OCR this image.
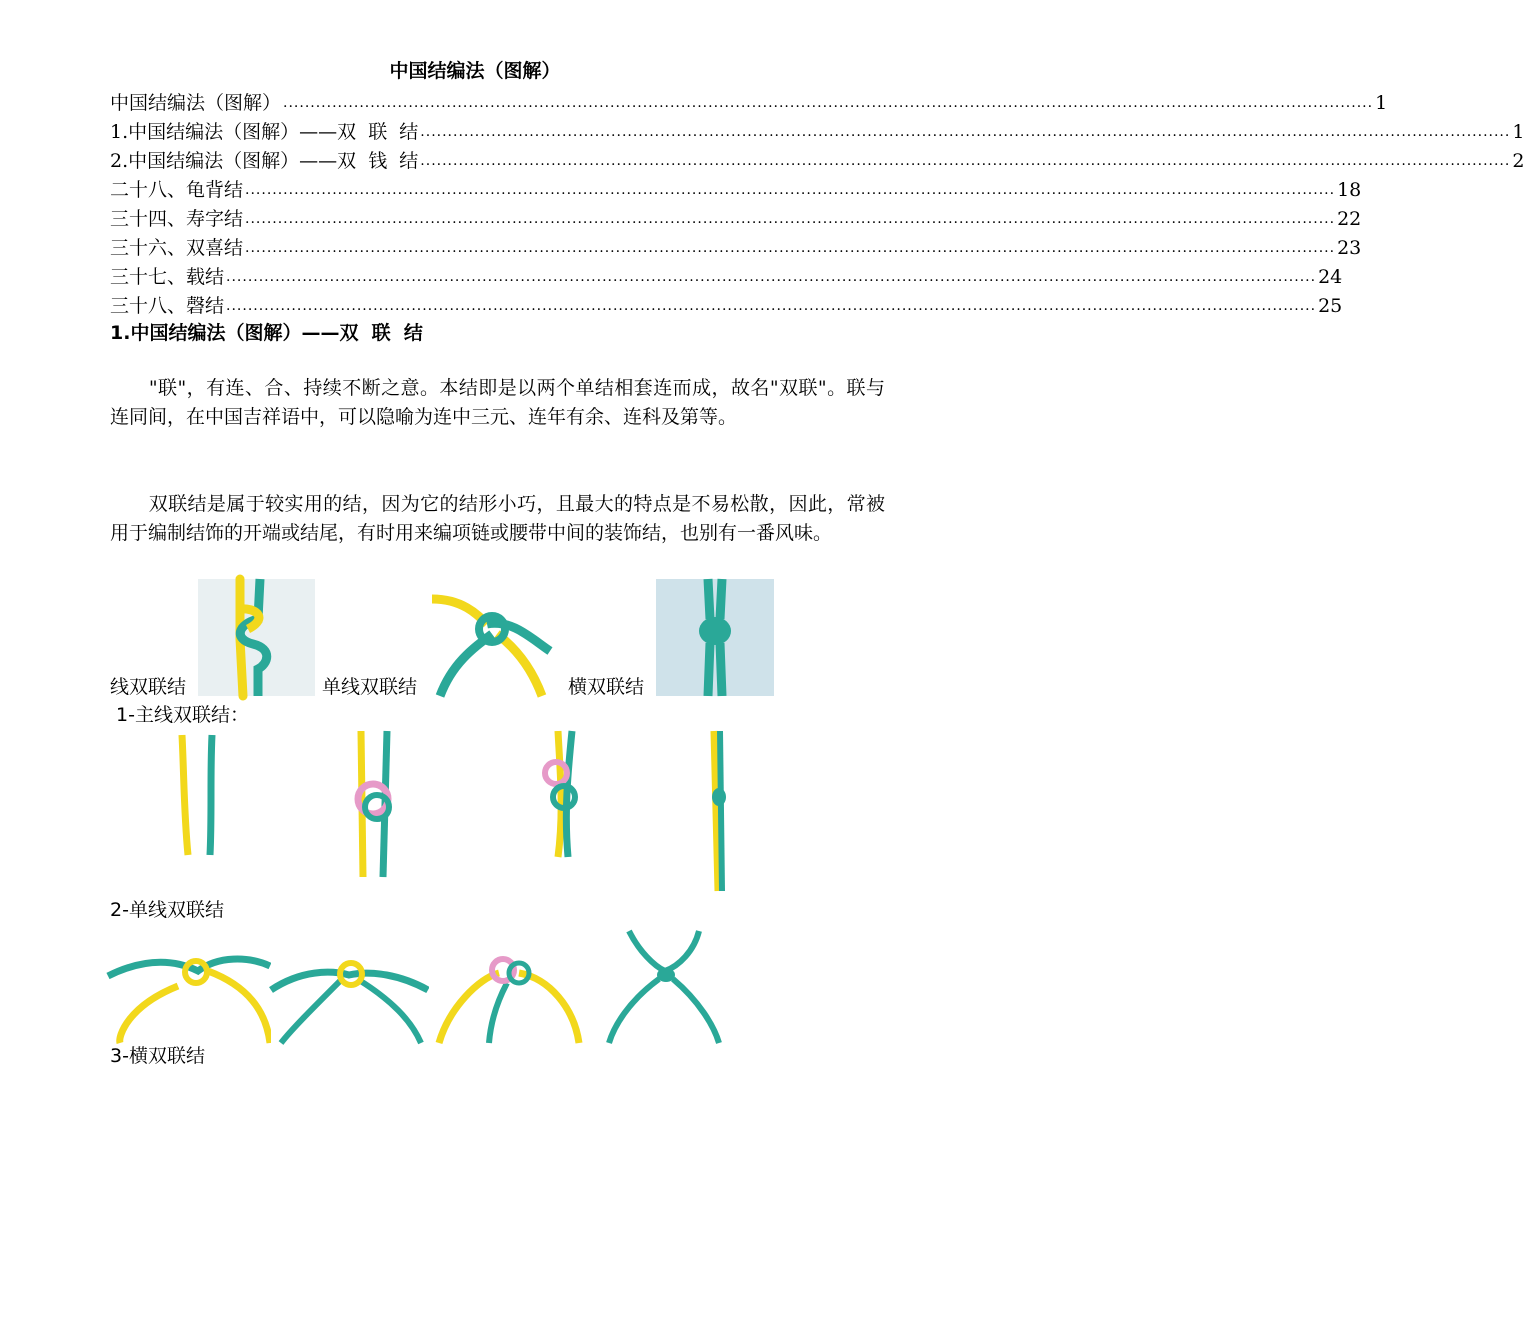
中国结编法（图解）
中国结编法（图解） ........................................................................................................................................................................................................ 1
1.中国结编法（图解）——双  联  结 ........................................................................................................................................................................................................ 1
2.中国结编法（图解）——双  钱  结 ........................................................................................................................................................................................................ 2
二十八、龟背结 ........................................................................................................................................................................................................ 18
三十四、寿字结 ........................................................................................................................................................................................................ 22
三十六、双喜结 ........................................................................................................................................................................................................ 23
三十七、载结 ........................................................................................................................................................................................................ 24
三十八、磬结 ........................................................................................................................................................................................................ 25
1.中国结编法（图解）——双  联  结
　　"联"，有连、合、持续不断之意。本结即是以两个单结相套连而成，故名"双联"。联与连同间，在中国吉祥语中，可以隐喻为连中三元、连年有余、连科及第等。
　　双联结是属于较实用的结，因为它的结形小巧，且最大的特点是不易松散，因此，常被用于编制结饰的开端或结尾，有时用来编项链或腰带中间的装饰结，也别有一番风味。
线双联结	单线双联结	横双联结
1-主线双联结：
2-单线双联结
3-横双联结
